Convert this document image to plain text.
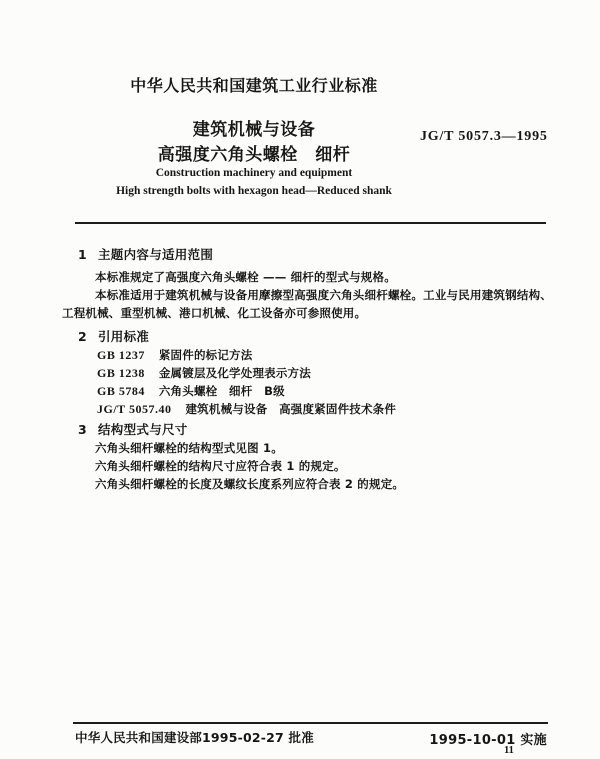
中华人民共和国建筑工业行业标准
建筑机械与设备
高强度六角头螺栓　细杆
JG/T 5057.3—1995
Construction machinery and equipment
High strength bolts with hexagon head—Reduced shank
1 主题内容与适用范围
本标准规定了高强度六角头螺栓 —— 细杆的型式与规格。
本标准适用于建筑机械与设备用摩擦型高强度六角头细杆螺栓。工业与民用建筑钢结构、工程机械、重型机械、港口机械、化工设备亦可参照使用。
2 引用标准
GB 1237 紧固件的标记方法
GB 1238 金属镀层及化学处理表示方法
GB 5784 六角头螺栓　细杆　B级
JG/T 5057.40 建筑机械与设备　高强度紧固件技术条件
3 结构型式与尺寸
六角头细杆螺栓的结构型式见图 1。
六角头细杆螺栓的结构尺寸应符合表 1 的规定。
六角头细杆螺栓的长度及螺纹长度系列应符合表 2 的规定。
中华人民共和国建设部1995-02-27 批准	1995-10-01 实施
11
